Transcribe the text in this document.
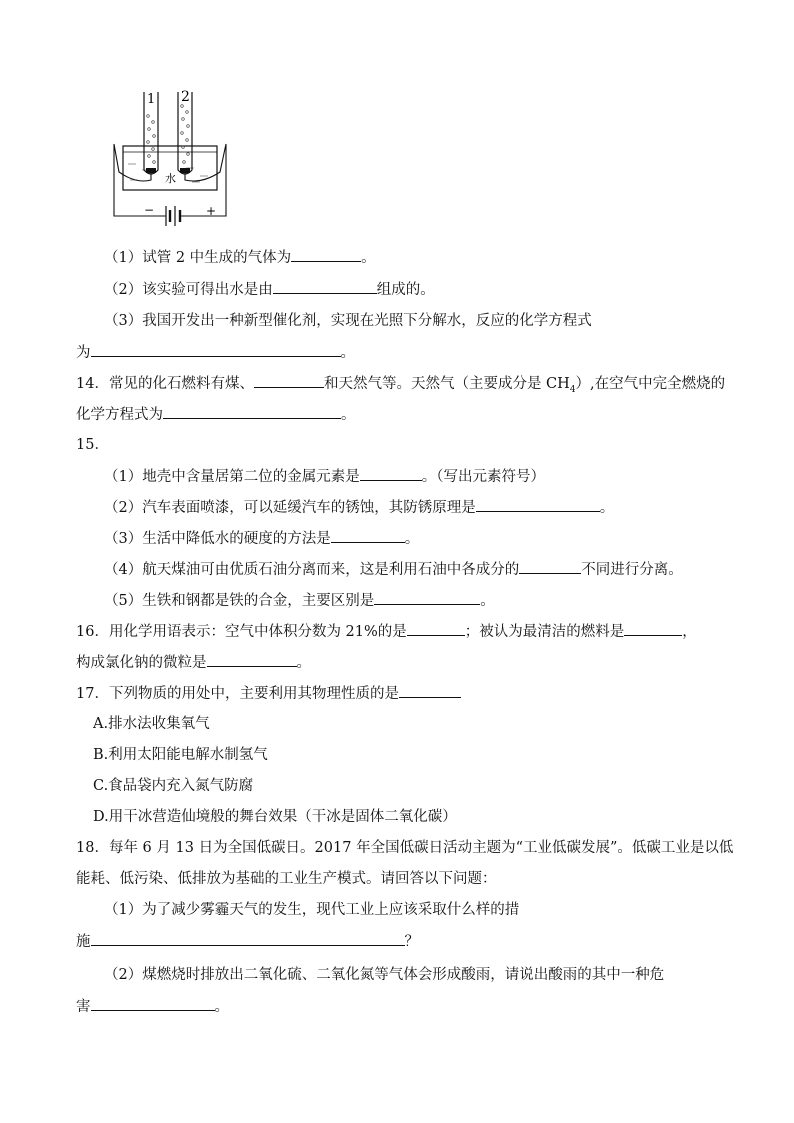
1 2
水
−	+
（1）试管 2 中生成的气体为	。
（2）该实验可得出水是由	组成的。
（3）我国开发出一种新型催化剂，实现在光照下分解水，反应的化学方程式
为	。
14．常见的化石燃料有煤、	和天然气等。天然气（主要成分是 $CH_4$）,在空气中完全燃烧的
化学方程式为	。
15．
（1）地壳中含量居第二位的金属元素是	。（写出元素符号）
（2）汽车表面喷漆，可以延缓汽车的锈蚀，其防锈原理是	。
（3）生活中降低水的硬度的方法是	。
（4）航天煤油可由优质石油分离而来，这是利用石油中各成分的	不同进行分离。
（5）生铁和钢都是铁的合金，主要区别是	。
16．用化学用语表示：空气中体积分数为 21%的是	；被认为最清洁的燃料是	，
构成氯化钠的微粒是	。
17．下列物质的用处中，主要利用其物理性质的是
A.排水法收集氧气
B.利用太阳能电解水制氢气
C.食品袋内充入氮气防腐
D.用干冰营造仙境般的舞台效果（干冰是固体二氧化碳）
18．每年 6 月 13 日为全国低碳日。2017 年全国低碳日活动主题为“工业低碳发展”。低碳工业是以低
能耗、低污染、低排放为基础的工业生产模式。请回答以下问题：
（1）为了减少雾霾天气的发生，现代工业上应该采取什么样的措
施	？
（2）煤燃烧时排放出二氧化硫、二氧化氮等气体会形成酸雨，请说出酸雨的其中一种危
害	。
